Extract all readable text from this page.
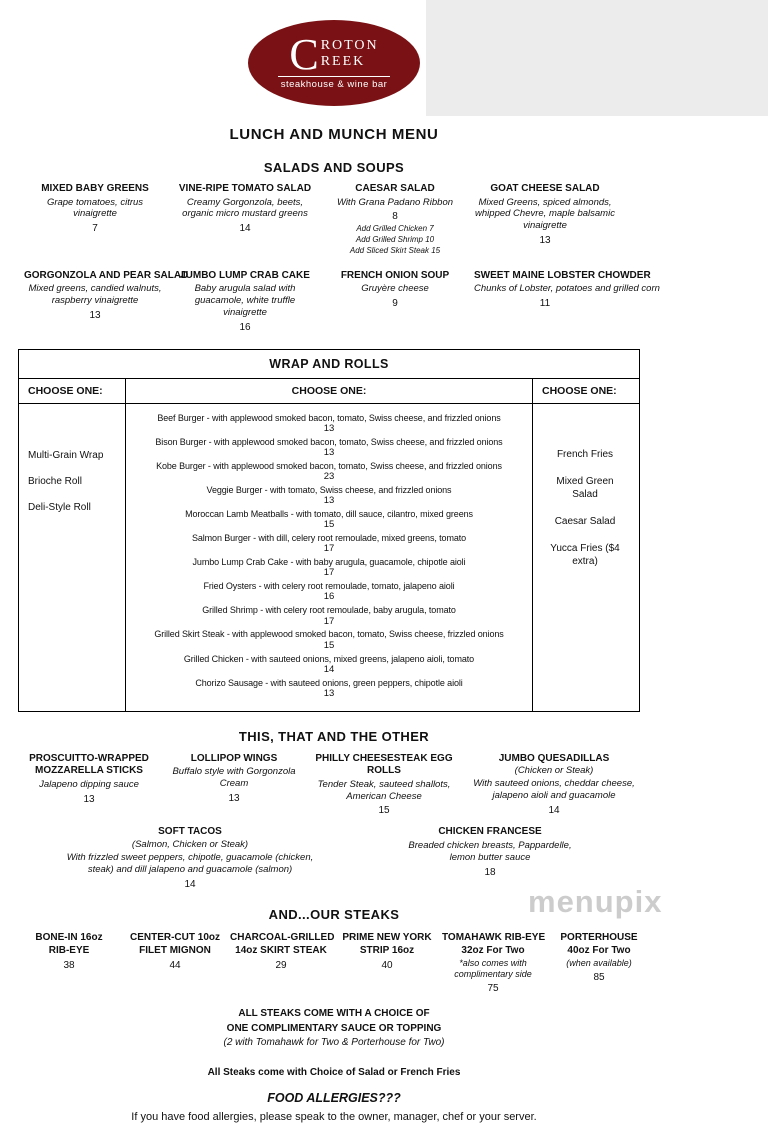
C ROTON
REEK
steakhouse & wine bar
LUNCH AND MUNCH MENU
SALADS AND SOUPS
MIXED BABY GREENS
Grape tomatoes, citrus vinaigrette
7
VINE-RIPE TOMATO SALAD
Creamy Gorgonzola, beets, organic micro mustard greens
14
CAESAR SALAD
With Grana Padano Ribbon
8
Add Grilled Chicken 7
Add Grilled Shrimp 10
Add Sliced Skirt Steak 15
GOAT CHEESE SALAD
Mixed Greens, spiced almonds, whipped Chevre, maple balsamic vinaigrette
13
GORGONZOLA AND PEAR SALAD
Mixed greens, candied walnuts, raspberry vinaigrette
13
JUMBO LUMP CRAB CAKE
Baby arugula salad with guacamole, white truffle vinaigrette
16
FRENCH ONION SOUP
Gruyère cheese
9
SWEET MAINE LOBSTER CHOWDER
Chunks of Lobster, potatoes and grilled corn
11
WRAP AND ROLLS
CHOOSE ONE:	CHOOSE ONE:	CHOOSE ONE:
Multi-Grain Wrap
Brioche Roll
Deli-Style Roll
Beef Burger - with applewood smoked bacon, tomato, Swiss cheese, and frizzled onions
13
Bison Burger - with applewood smoked bacon, tomato, Swiss cheese, and frizzled onions
13
Kobe Burger - with applewood smoked bacon, tomato, Swiss cheese, and frizzled onions
23
Veggie Burger - with tomato, Swiss cheese, and frizzled onions
13
Moroccan Lamb Meatballs - with tomato, dill sauce, cilantro, mixed greens
15
Salmon Burger - with dill, celery root remoulade, mixed greens, tomato
17
Jumbo Lump Crab Cake - with baby arugula, guacamole, chipotle aioli
17
Fried Oysters - with celery root remoulade, tomato, jalapeno aioli
16
Grilled Shrimp - with celery root remoulade, baby arugula, tomato
17
Grilled Skirt Steak - with applewood smoked bacon, tomato, Swiss cheese, frizzled onions
15
Grilled Chicken - with sauteed onions, mixed greens, jalapeno aioli, tomato
14
Chorizo Sausage - with sauteed onions, green peppers, chipotle aioli
13
French Fries
Mixed Green Salad
Caesar Salad
Yucca Fries ($4 extra)
THIS, THAT AND THE OTHER
PROSCUITTO-WRAPPED MOZZARELLA STICKS
Jalapeno dipping sauce
13
LOLLIPOP WINGS
Buffalo style with Gorgonzola Cream
13
PHILLY CHEESESTEAK EGG ROLLS
Tender Steak, sauteed shallots, American Cheese
15
JUMBO QUESADILLAS
(Chicken or Steak)
With sauteed onions, cheddar cheese, jalapeno aioli and guacamole
14
SOFT TACOS
(Salmon, Chicken or Steak)
With frizzled sweet peppers, chipotle, guacamole (chicken, steak) and dill jalapeno and guacamole (salmon)
14
CHICKEN FRANCESE
Breaded chicken breasts, Pappardelle, lemon butter sauce
18
AND...OUR STEAKS
BONE-IN 16oz
RIB-EYE
38
CENTER-CUT 10oz
FILET MIGNON
44
CHARCOAL-GRILLED
14oz SKIRT STEAK
29
PRIME NEW YORK
STRIP 16oz
40
TOMAHAWK RIB-EYE
32oz For Two
*also comes with complimentary side
75
PORTERHOUSE
40oz For Two
(when available)
85
ALL STEAKS COME WITH A CHOICE OF
ONE COMPLIMENTARY SAUCE OR TOPPING
(2 with Tomahawk for Two & Porterhouse for Two)
All Steaks come with Choice of Salad or French Fries
FOOD ALLERGIES???
If you have food allergies, please speak to the owner, manager, chef or your server.
menupix
